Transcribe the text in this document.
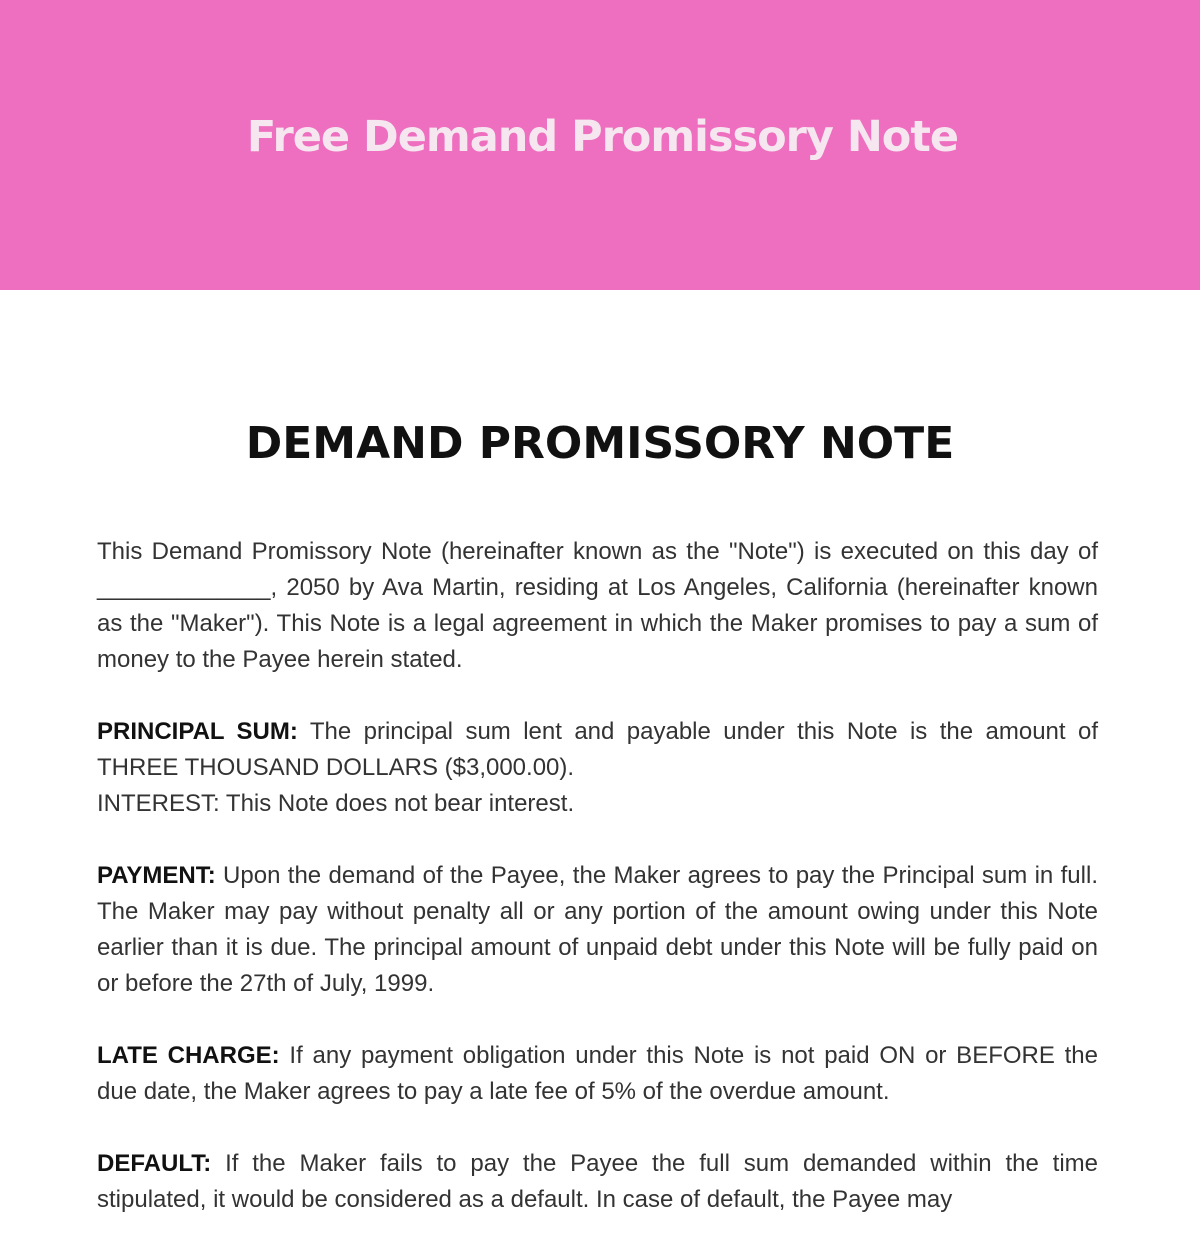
Free Demand Promissory Note
DEMAND PROMISSORY NOTE

This Demand Promissory Note (hereinafter known as the "Note") is executed on this day of _____________, 2050 by Ava Martin, residing at Los Angeles, California (hereinafter known as the "Maker"). This Note is a legal agreement in which the Maker promises to pay a sum of money to the Payee herein stated.

PRINCIPAL SUM: The principal sum lent and payable under this Note is the amount of THREE THOUSAND DOLLARS ($3,000.00).
INTEREST: This Note does not bear interest.

PAYMENT: Upon the demand of the Payee, the Maker agrees to pay the Principal sum in full. The Maker may pay without penalty all or any portion of the amount owing under this Note earlier than it is due. The principal amount of unpaid debt under this Note will be fully paid on or before the 27th of July, 1999.

LATE CHARGE: If any payment obligation under this Note is not paid ON or BEFORE the due date, the Maker agrees to pay a late fee of 5% of the overdue amount.

DEFAULT: If the Maker fails to pay the Payee the full sum demanded within the time stipulated, it would be considered as a default. In case of default, the Payee may
